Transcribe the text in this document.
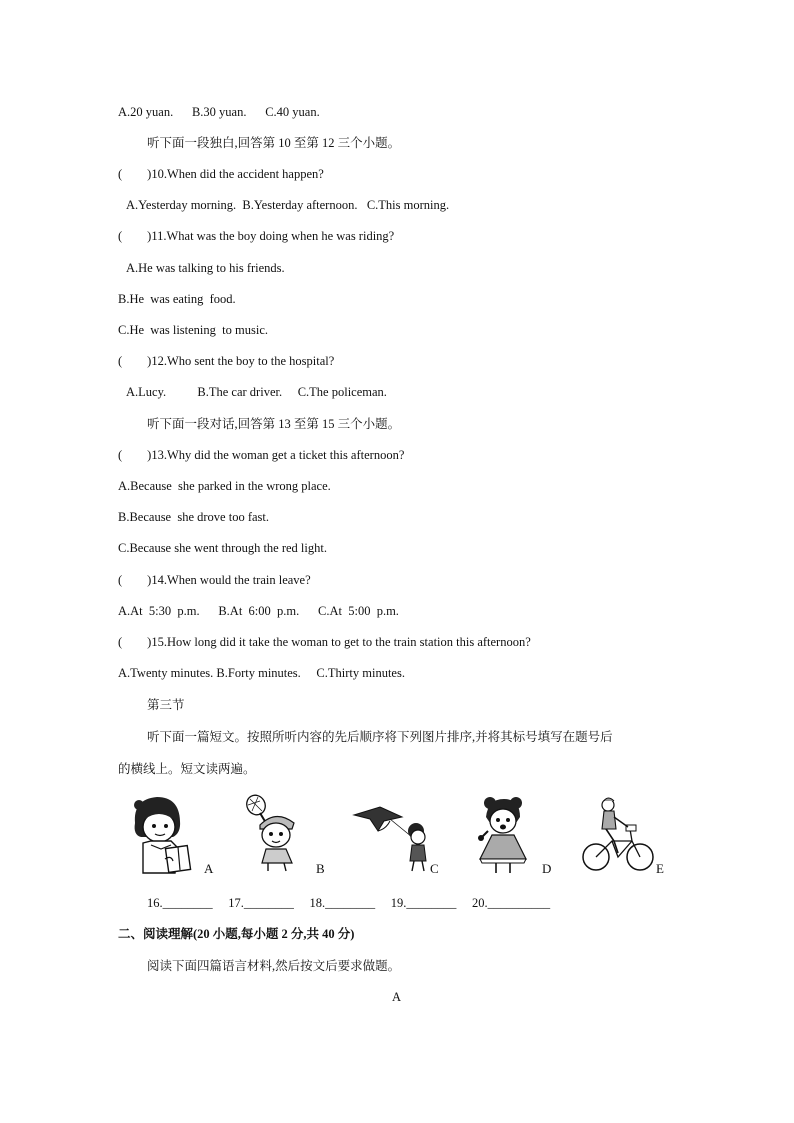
A.20 yuan.      B.30 yuan.      C.40 yuan.
听下面一段独白,回答第 10 至第 12 三个小题。
(        )10.When did the accident happen?
A.Yesterday morning.  B.Yesterday afternoon.   C.This morning.
(        )11.What was the boy doing when he was riding?
A.He was talking to his friends.
B.He  was eating  food.
C.He  was listening  to music.
(        )12.Who sent the boy to the hospital?
A.Lucy.          B.The car driver.     C.The policeman.
听下面一段对话,回答第 13 至第 15 三个小题。
(        )13.Why did the woman get a ticket this afternoon?
A.Because  she parked in the wrong place.
B.Because  she drove too fast.
C.Because she went through the red light.
(        )14.When would the train leave?
A.At  5:30  p.m.      B.At  6:00  p.m.      C.At  5:00  p.m.
(        )15.How long did it take the woman to get to the train station this afternoon?
A.Twenty minutes. B.Forty minutes.     C.Thirty minutes.
第三节
听下面一篇短文。按照所听内容的先后顺序将下列图片排序,并将其标号填写在题号后
的横线上。短文读两遍。
A	B	C	D	E
16.________     17.________     18.________     19.________     20.__________
二、阅读理解(20 小题,每小题 2 分,共 40 分)
阅读下面四篇语言材料,然后按文后要求做题。
A
